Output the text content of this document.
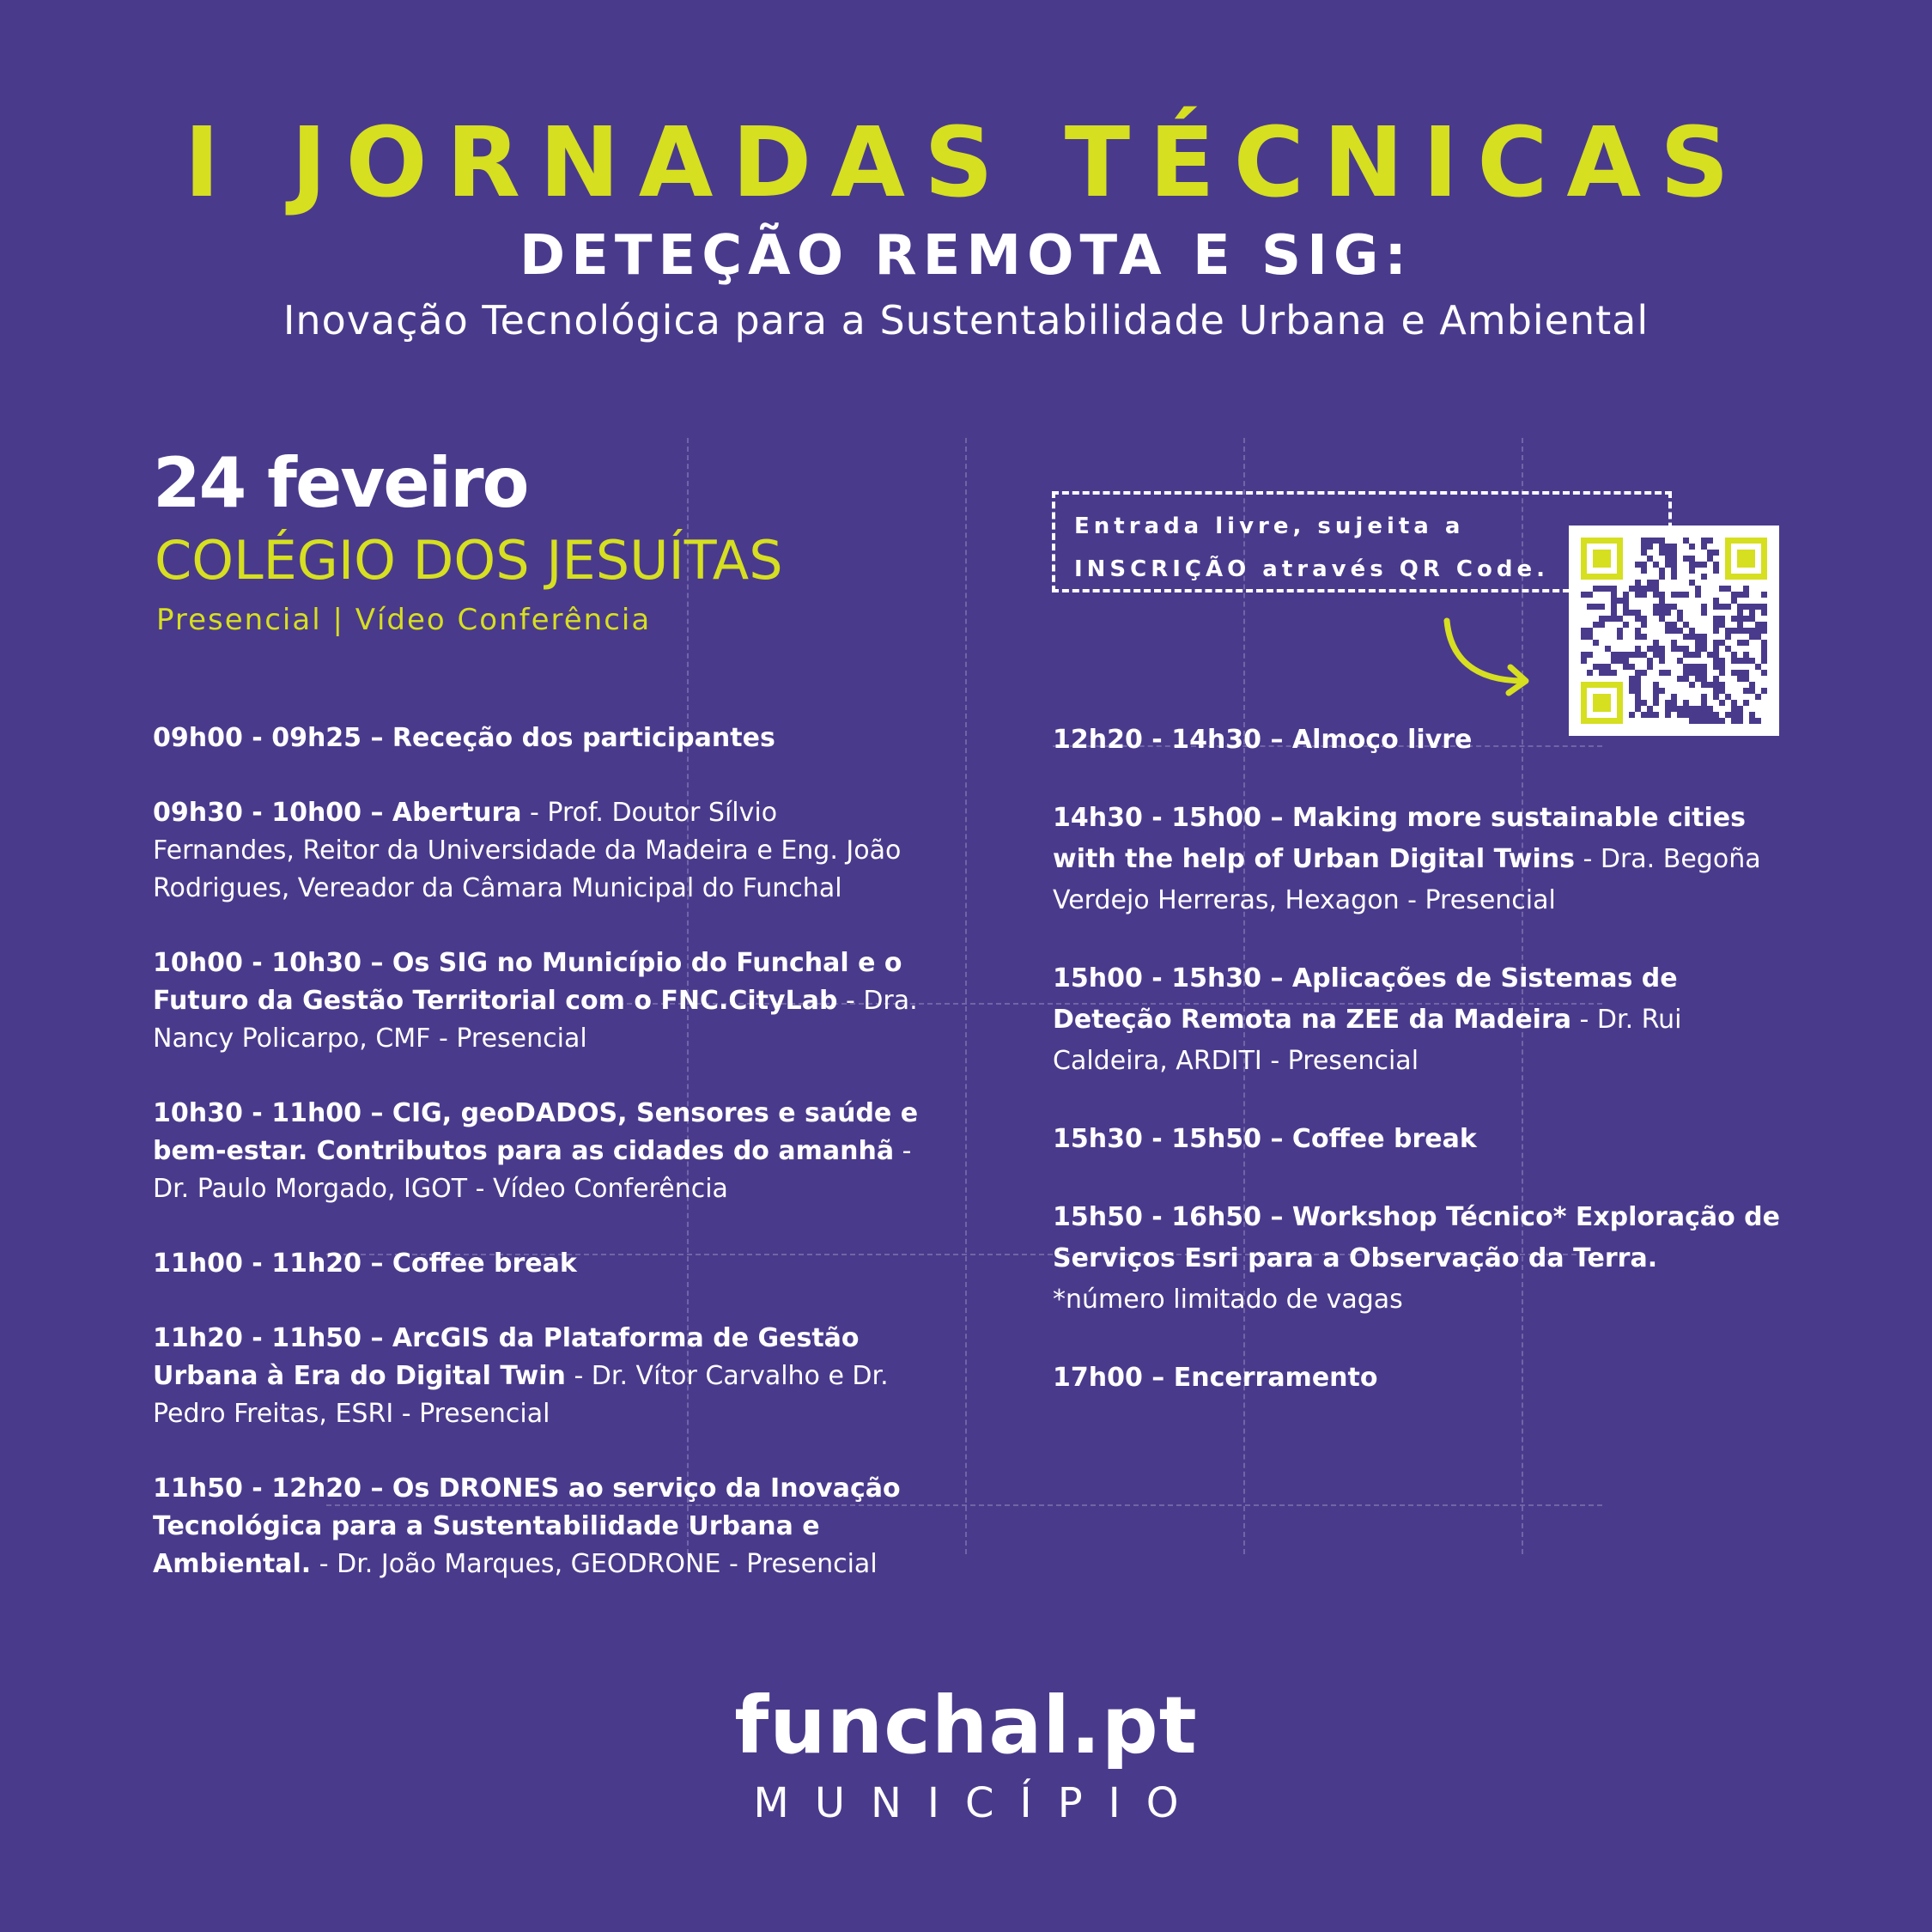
I JORNADAS TÉCNICAS
DETEÇÃO REMOTA E SIG:
Inovação Tecnológica para a Sustentabilidade Urbana e Ambiental
24 feveiro
COLÉGIO DOS JESUÍTAS
Presencial | Vídeo Conferência
Entrada livre, sujeita a
INSCRIÇÃO através QR Code.
09h00 - 09h25 – Receção dos participantes
09h30 - 10h00 – Abertura - Prof. Doutor Sílvio Fernandes, Reitor da Universidade da Madeira e Eng. João Rodrigues, Vereador da Câmara Municipal do Funchal
10h00 - 10h30 – Os SIG no Município do Funchal e o Futuro da Gestão Territorial com o FNC.CityLab - Dra. Nancy Policarpo, CMF - Presencial
10h30 - 11h00 – CIG, geoDADOS, Sensores e saúde e bem-estar. Contributos para as cidades do amanhã - Dr. Paulo Morgado, IGOT - Vídeo Conferência
11h00 - 11h20 – Coffee break
11h20 - 11h50 – ArcGIS da Plataforma de Gestão Urbana à Era do Digital Twin - Dr. Vítor Carvalho e Dr. Pedro Freitas, ESRI - Presencial
11h50 - 12h20 – Os DRONES ao serviço da Inovação Tecnológica para a Sustentabilidade Urbana e Ambiental. - Dr. João Marques, GEODRONE - Presencial
12h20 - 14h30 – Almoço livre
14h30 - 15h00 – Making more sustainable cities with the help of Urban Digital Twins - Dra. Begoña Verdejo Herreras, Hexagon - Presencial
15h00 - 15h30 – Aplicações de Sistemas de Deteção Remota na ZEE da Madeira - Dr. Rui Caldeira, ARDITI - Presencial
15h30 - 15h50 – Coffee break
15h50 - 16h50 – Workshop Técnico* Exploração de Serviços Esri para a Observação da Terra.
*número limitado de vagas
17h00 – Encerramento
funchal.pt
MUNICÍPIO
